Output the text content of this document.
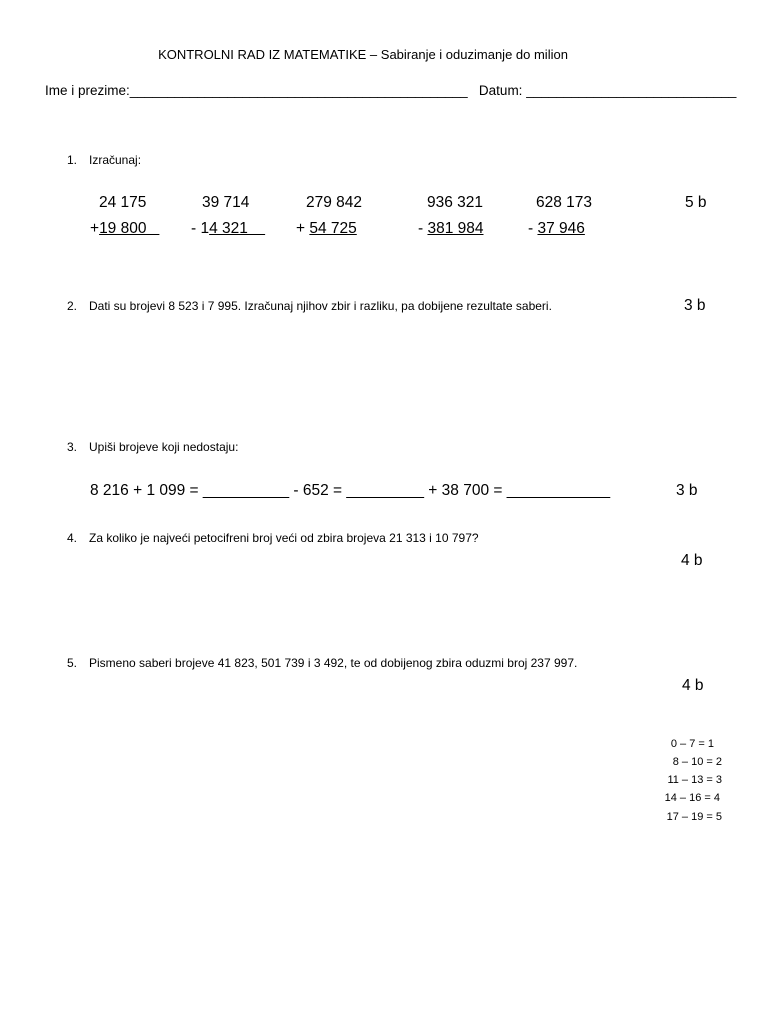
KONTROLNI RAD IZ MATEMATIKE – Sabiranje i oduzimanje do milion
Ime i prezime:_____________________________________________ Datum: ____________________________
1. Izračunaj:
24 175
+19 800
39 714
- 14 321
279 842
+ 54 725
936 321
- 381 984
628 173
- 37 946
5 b
2. Dati su brojevi 8 523 i 7 995. Izračunaj njihov zbir i razliku, pa dobijene rezultate saberi.	3 b
3. Upiši brojeve koji nedostaju:
8 216 + 1 099 = __________ - 652 = _________ + 38 700 = ____________	3 b
4. Za koliko je najveći petocifreni broj veći od zbira brojeva 21 313 i 10 797?
4 b
5. Pismeno saberi brojeve 41 823, 501 739 i 3 492, te od dobijenog zbira oduzmi broj 237 997.
4 b
0 – 7 = 1
8 – 10 = 2
11 – 13 = 3
14 – 16 = 4
17 – 19 = 5
